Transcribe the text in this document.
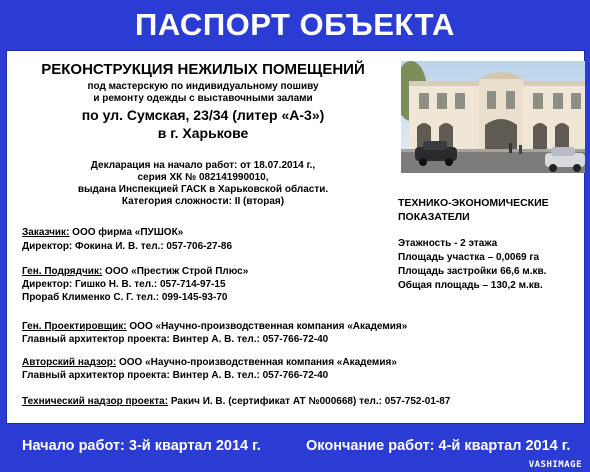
ПАСПОРТ ОБЪЕКТА
РЕКОНСТРУКЦИЯ НЕЖИЛЫХ ПОМЕЩЕНИЙ
под мастерскую по индивидуальному пошиву
и ремонту одежды с выставочными залами
по ул. Сумская, 23/34 (литер «А-3»)
в г. Харькове
Декларация на начало работ: от 18.07.2014 г.,
серия ХК № 082141990010,
выдана Инспекцией ГАСК в Харьковской области.
Категория сложности: II (вторая)
Заказчик: ООО фирма «ПУШОК»
Директор: Фокина И. В. тел.: 057-706-27-86
Ген. Подрядчик: ООО «Престиж Строй Плюс»
Директор: Гишко Н. В. тел.: 057-714-97-15
Прораб Клименко С. Г. тел.: 099-145-93-70
Ген. Проектировщик: ООО «Научно-производственная компания «Академия»
Главный архитектор проекта: Винтер А. В. тел.: 057-766-72-40
Авторский надзор: ООО «Научно-производственная компания «Академия»
Главный архитектор проекта: Винтер А. В. тел.: 057-766-72-40
Технический надзор проекта: Ракич И. В. (сертификат АТ №000668) тел.: 057-752-01-87
ТЕХНИКО-ЭКОНОМИЧЕСКИЕ
ПОКАЗАТЕЛИ
Этажность - 2 этажа
Площадь участка – 0,0069 га
Площадь застройки 66,6 м.кв.
Общая площадь – 130,2 м.кв.
Начало работ: 3-й квартал 2014 г.	Окончание работ: 4-й квартал 2014 г.
VASHIMAGE
